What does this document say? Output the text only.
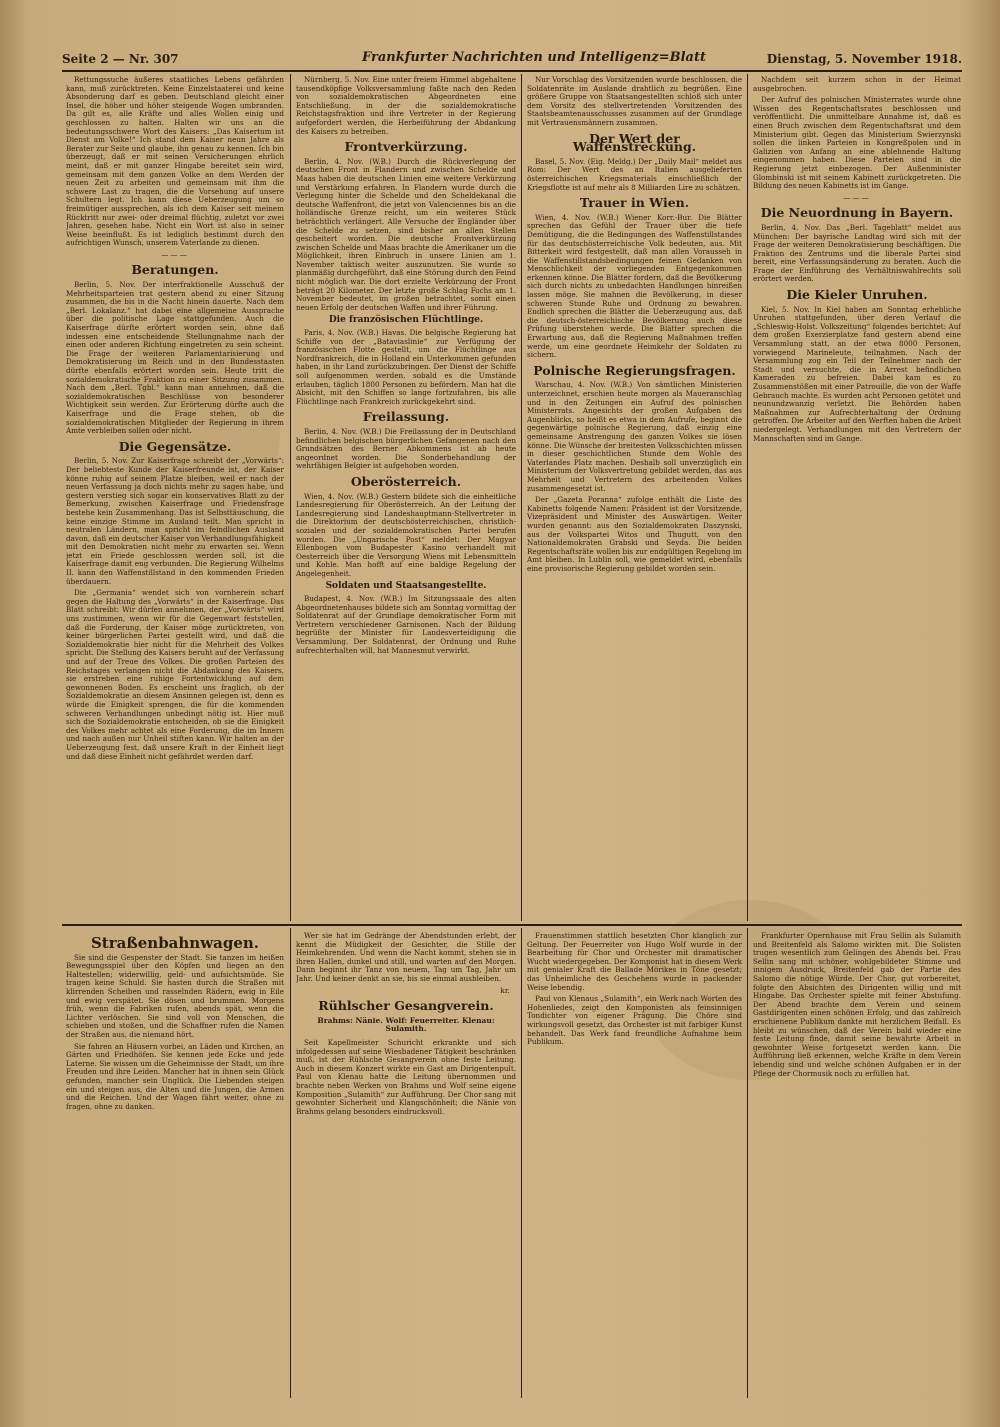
Seite 2 — Nr. 307	Frankfurter Nachrichten und Intelligenz=Blatt	Dienstag, 5. November 1918.

Rettungssuche äußeres staatliches Lebens gefährden kann, muß zurücktreten. Keine Einzelstaaterei und keine Absonderung darf es geben. Deutschland gleicht einer Insel, die höher und höher steigende Wogen umbranden. Da gilt es, alle Kräfte und alles Wollen einig und geschlossen zu halten. Halten wir uns an die bedeutungsschwere Wort des Kaisers: „Das Kaisertum ist Dienst am Volke!“ Ich stand dem Kaiser neun Jahre als Berater zur Seite und glaube, ihn genau zu kennen. Ich bin überzeugt, daß er mit seinen Versicherungen ehrlich meint, daß er mit ganzer Hingabe bereitet sein wird, gemeinsam mit dem ganzen Volke an dem Werden der neuen Zeit zu arbeiten und gemeinsam mit ihm die schwere Last zu tragen, die die Vorsehung auf unsere Schultern legt. Ich kann diese Ueberzeugung um so freimütiger aussprechen, als ich dem Kaiser seit meinem Rücktritt nur zwei- oder dreimal flüchtig, zuletzt vor zwei Jahren, gesehen habe. Nicht ein Wort ist also in seiner Weise beeinflußt. Es ist lediglich bestimmt durch den aufrichtigen Wunsch, unserem Vaterlande zu dienen.

———
Beratungen.

Berlin, 5. Nov. Der interfraktionelle Ausschuß der Mehrheitsparteien trat gestern abend zu einer Sitzung zusammen, die bis in die Nacht hinein dauerte. Nach dem „Berl. Lokalanz.“ hat dabei eine allgemeine Aussprache über die politische Lage stattgefunden. Auch die Kaiserfrage dürfte erörtert worden sein, ohne daß indessen eine entscheidende Stellungnahme nach der einen oder anderen Richtung eingetreten zu sein scheint. Die Frage der weiteren Parlamentarisierung und Demokratisierung im Reich und in den Bundesstaaten dürfte ebenfalls erörtert worden sein. Heute tritt die sozialdemokratische Fraktion zu einer Sitzung zusammen. Nach dem „Berl. Tgbl.“ kann man annehmen, daß die sozialdemokratischen Beschlüsse von besonderer Wichtigkeit sein werden. Zur Erörterung dürfte auch die Kaiserfrage und die Frage stehen, ob die sozialdemokratischen Mitglieder der Regierung in ihrem Amte verbleiben sollen oder nicht.

Die Gegensätze.

Berlin, 5. Nov. Zur Kaiserfrage schreibt der „Vorwärts“: Der beliebteste Kunde der Kaiserfreunde ist, der Kaiser könne ruhig auf seinem Platze bleiben, weil er nach der neuen Verfassung ja doch nichts mehr zu sagen habe, und gestern verstieg sich sogar ein konservatives Blatt zu der Bemerkung, zwischen Kaiserfrage und Friedensfrage bestehe kein Zusammenhang. Das ist Selbsttäuschung, die keine einzige Stimme im Ausland teilt. Man spricht in neutralen Ländern, man spricht im feindlichen Ausland davon, daß ein deutscher Kaiser von Verhandlungsfähigkeit mit den Demokratien nicht mehr zu erwarten sei. Wenn jetzt ein Friede geschlossen werden soll, ist die Kaiserfrage damit eng verbunden. Die Regierung Wilhelms II. kann den Waffenstillstand in den kommenden Frieden überdauern.

Die „Germania“ wendet sich von vornherein scharf gegen die Haltung des „Vorwärts“ in der Kaiserfrage. Das Blatt schreibt: Wir dürfen annehmen, der „Vorwärts“ wird uns zustimmen, wenn wir für die Gegenwart feststellen, daß die Forderung, der Kaiser möge zurücktreten, von keiner bürgerlichen Partei gestellt wird, und daß die Sozialdemokratie hier nicht für die Mehrheit des Volkes spricht. Die Stellung des Kaisers beruht auf der Verfassung und auf der Treue des Volkes. Die großen Parteien des Reichstages verlangen nicht die Abdankung des Kaisers, sie erstreben eine ruhige Fortentwicklung auf dem gewonnenen Boden. Es erscheint uns fraglich, ob der Sozialdemokratie an diesem Ansinnen gelegen ist, denn es würde die Einigkeit sprengen, die für die kommenden schweren Verhandlungen unbedingt nötig ist. Hier muß sich die Sozialdemokratie entscheiden, ob sie die Einigkeit des Volkes mehr achtet als eine Forderung, die im Innern und nach außen nur Unheil stiften kann. Wir halten an der Ueberzeugung fest, daß unsere Kraft in der Einheit liegt und daß diese Einheit nicht gefährdet werden darf.

Nürnberg, 5. Nov. Eine unter freiem Himmel abgehaltene tausendköpfige Volksversammlung faßte nach den Reden von sozialdemokratischen Abgeordneten eine Entschließung, in der die sozialdemokratische Reichstagsfraktion und ihre Vertreter in der Regierung aufgefordert werden, die Herbeiführung der Abdankung des Kaisers zu betreiben.

Frontverkürzung.

Berlin, 4. Nov. (W.B.) Durch die Rückverlegung der deutschen Front in Flandern und zwischen Schelde und Maas haben die deutschen Linien eine weitere Verkürzung und Verstärkung erfahren. In Flandern wurde durch die Verlegung hinter die Schelde und den Scheldekanal die deutsche Waffenfront, die jetzt von Valenciennes bis an die holländische Grenze reicht, um ein weiteres Stück beträchtlich verlängert. Alle Versuche der Engländer über die Schelde zu setzen, sind bisher an allen Stellen gescheitert worden. Die deutsche Frontverkürzung zwischen Schelde und Maas brachte die Amerikaner um die Möglichkeit, ihren Einbruch in unsere Linien am 1. November taktisch weiter auszunutzen. Sie wurde so planmäßig durchgeführt, daß eine Störung durch den Feind nicht möglich war. Die dort erzielte Verkürzung der Front beträgt 20 Kilometer. Der letzte große Schlag Fochs am 1. November bedeutet, im großen betrachtet, somit einen neuen Erfolg der deutschen Waffen und ihrer Führung.

Die französischen Flüchtlinge.

Paris, 4. Nov. (W.B.) Havas. Die belgische Regierung hat Schiffe von der „Bataviaslinie“ zur Verfügung der französischen Flotte gestellt, um die Flüchtlinge aus Nordfrankreich, die in Holland ein Unterkommen gefunden haben, in ihr Land zurückzubringen. Der Dienst der Schiffe soll aufgenommen werden, sobald es die Umstände erlauben, täglich 1800 Personen zu befördern. Man hat die Absicht, mit den Schiffen so lange fortzufahren, bis alle Flüchtlinge nach Frankreich zurückgekehrt sind.

Freilassung.

Berlin, 4. Nov. (W.B.) Die Freilassung der in Deutschland befindlichen belgischen bürgerlichen Gefangenen nach den Grundsätzen des Berner Abkommens ist ab heute angeordnet worden. Die Sonderbehandlung der wehrfähigen Belgier ist aufgehoben worden.

Oberösterreich.

Wien, 4. Nov. (W.B.) Gestern bildete sich die einheitliche Landesregierung für Oberösterreich. An der Leitung der Landesregierung sind Landeshauptmann-Stellvertreter in die Direktorium der deutschösterreichischen, christlich-sozialen und der sozialdemokratischen Partei berufen worden. Die „Ungarische Post“ meldet: Der Magyar Ellenbogen vom Budapester Kasino verhandelt mit Oesterreich über die Versorgung Wiens mit Lebensmitteln und Kohle. Man hofft auf eine baldige Regelung der Angelegenheit.

Soldaten und Staatsangestellte.

Budapest, 4. Nov. (W.B.) Im Sitzungssaale des alten Abgeordnetenhauses bildete sich am Sonntag vormittag der Soldatenrat auf der Grundlage demokratischer Form mit Vertretern verschiedener Garnisonen. Nach der Bildung begrüßte der Minister für Landesverteidigung die Versammlung. Der Soldatenrat, der Ordnung und Ruhe aufrechterhalten will, hat Mannesmut verwirkt.

Nur Vorschlag des Vorsitzenden wurde beschlossen, die Soldatenräte im Auslande drahtlich zu begrüßen. Eine größere Gruppe von Staatsangestellten schloß sich unter dem Vorsitz des stellvertretenden Vorsitzenden des Staatsbeamtenausschusses zusammen auf der Grundlage mit Vertrauensmännern zusammen.

Der Wert der Waffenstreckung.

Basel, 5. Nov. (Eig. Meldg.) Der „Daily Mail“ meldet aus Rom: Der Wert des an Italien ausgelieferten österreichischen Kriegsmaterials einschließlich der Kriegsflotte ist auf mehr als 8 Milliarden Lire zu schätzen.

Trauer in Wien.

Wien, 4. Nov. (W.B.) Wiener Korr.-Bur. Die Blätter sprechen das Gefühl der Trauer über die tiefe Demütigung, die die Bedingungen des Waffenstillstandes für das deutschösterreichische Volk bedeuten, aus. Mit Bitterkeit wird festgestellt, daß man allen Vorausseh in die Waffenstillstandsbedingungen feinen Gedanken von Menschlichkeit der vorliegenden Entgegenkommen erkennen könne. Die Blätter fordern, daß die Bevölkerung sich durch nichts zu unbedachten Handlungen hinreißen lassen möge. Sie mahnen die Bevölkerung, in dieser schweren Stunde Ruhe und Ordnung zu bewahren. Endlich sprechen die Blätter die Ueberzeugung aus, daß die deutsch-österreichische Bevölkerung auch diese Prüfung überstehen werde. Die Blätter sprechen die Erwartung aus, daß die Regierung Maßnahmen treffen werde, um eine geordnete Heimkehr der Soldaten zu sichern.

Polnische Regierungsfragen.

Warschau, 4. Nov. (W.B.) Von sämtlichen Ministerien unterzeichnet, erschien heute morgen als Maueranschlag und in den Zeitungen ein Aufruf des polnischen Ministerrats. Angesichts der großen Aufgaben des Augenblicks, so heißt es etwa in dem Aufrufe, beginnt die gegenwärtige polnische Regierung, daß einzig eine gemeinsame Anstrengung des ganzen Volkes sie lösen könne. Die Wünsche der breitesten Volksschichten müssen in dieser geschichtlichen Stunde dem Wohle des Vaterlandes Platz machen. Deshalb soll unverzüglich ein Ministerium der Volksvertretung gebildet werden, das aus Mehrheit und Vertretern des arbeitenden Volkes zusammengesetzt ist.

Der „Gazeta Poranna“ zufolge enthält die Liste des Kabinetts folgende Namen: Präsident ist der Vorsitzende, Vizepräsident und Minister des Auswärtigen. Weiter wurden genannt: aus den Sozialdemokraten Daszynski, aus der Volkspartei Witos und Thugutt, von den Nationaldemokraten Grabski und Seyda. Die beiden Regentschaftsräte wollen bis zur endgültigen Regelung im Amt bleiben. In Lublin soll, wie gemeldet wird, ebenfalls eine provisorische Regierung gebildet worden sein.

Nachdem seit kurzem schon in der Heimat ausgebrochen.

Der Aufruf des polnischen Ministerrates wurde ohne Wissen des Regentschaftsrates beschlossen und veröffentlicht. Die unmittelbare Annahme ist, daß es einen Bruch zwischen dem Regentschaftsrat und dem Ministerium gibt. Gegen das Ministerium Swierzynski sollen die linken Parteien in Kongreßpolen und in Galizien von Anfang an eine ablehnende Haltung eingenommen haben. Diese Parteien sind in die Regierung jetzt einbezogen. Der Außenminister Glombinski ist mit seinem Kabinett zurückgetreten. Die Bildung des neuen Kabinetts ist im Gange.

———
Die Neuordnung in Bayern.

Berlin, 4. Nov. Das „Berl. Tageblatt“ meldet aus München: Der bayrische Landtag wird sich mit der Frage der weiteren Demokratisierung beschäftigen. Die Fraktion des Zentrums und die liberale Partei sind bereit, eine Verfassungsänderung zu beraten. Auch die Frage der Einführung des Verhältniswahlrechts soll erörtert werden.

Die Kieler Unruhen.

Kiel, 5. Nov. In Kiel haben am Sonntag erhebliche Unruhen stattgefunden, über deren Verlauf die „Schleswig-Holst. Volkszeitung“ folgendes berichtet: Auf dem großen Exerzierplatze fand gestern abend eine Versammlung statt, an der etwa 8000 Personen, vorwiegend Marineleute, teilnahmen. Nach der Versammlung zog ein Teil der Teilnehmer nach der Stadt und versuchte, die in Arrest befindlichen Kameraden zu befreien. Dabei kam es zu Zusammenstößen mit einer Patrouille, die von der Waffe Gebrauch machte. Es wurden acht Personen getötet und neunundzwanzig verletzt. Die Behörden haben Maßnahmen zur Aufrechterhaltung der Ordnung getroffen. Die Arbeiter auf den Werften haben die Arbeit niedergelegt. Verhandlungen mit den Vertretern der Mannschaften sind im Gange.

Straßenbahnwagen.

Sie sind die Gespenster der Stadt. Sie tanzen im heißen Bewegungsspiel über den Köpfen und liegen an den Haltestellen; widerwillig, geld- und aufsichtsmüde. Sie tragen keine Schuld. Sie hasten durch die Straßen mit klirrenden Scheiben und rasselnden Rädern, ewig in Eile und ewig verspätet. Sie dösen und brummen. Morgens früh, wenn die Fabriken rufen, abends spät, wenn die Lichter verlöschen. Sie sind voll von Menschen, die schieben und stoßen, und die Schaffner rufen die Namen der Straßen aus, die niemand hört.

Sie fahren an Häusern vorbei, an Läden und Kirchen, an Gärten und Friedhöfen. Sie kennen jede Ecke und jede Laterne. Sie wissen um die Geheimnisse der Stadt, um ihre Freuden und ihre Leiden. Mancher hat in ihnen sein Glück gefunden, mancher sein Unglück. Die Liebenden steigen ein und steigen aus, die Alten und die Jungen, die Armen und die Reichen. Und der Wagen fährt weiter, ohne zu fragen, ohne zu danken.

Wer sie hat im Gedränge der Abendstunden erlebt, der kennt die Müdigkeit der Gesichter, die Stille der Heimkehrenden. Und wenn die Nacht kommt, stehen sie in ihren Hallen, dunkel und still, und warten auf den Morgen. Dann beginnt ihr Tanz von neuem, Tag um Tag, Jahr um Jahr. Und keiner denkt an sie, bis sie einmal ausbleiben.

kr.
Rühlscher Gesangverein.
Brahms: Nänie. Wolf: Feuerreiter. Klenau: Sulamith.

Seit Kapellmeister Schuricht erkrankte und sich infolgedessen auf seine Wiesbadener Tätigkeit beschränken muß, ist der Rühlsche Gesangverein ohne feste Leitung. Auch in diesem Konzert wirkte ein Gast am Dirigentenpult. Paul von Klenau hatte die Leitung übernommen und brachte neben Werken von Brahms und Wolf seine eigene Komposition „Sulamith“ zur Aufführung. Der Chor sang mit gewohnter Sicherheit und Klangschönheit; die Nänie von Brahms gelang besonders eindrucksvoll.

Frauenstimmen stattlich besetzten Chor klanglich zur Geltung. Der Feuerreiter von Hugo Wolf wurde in der Bearbeitung für Chor und Orchester mit dramatischer Wucht wiedergegeben. Der Komponist hat in diesem Werk mit genialer Kraft die Ballade Mörikes in Töne gesetzt; das Unheimliche des Geschehens wurde in packender Weise lebendig.

Paul von Klenaus „Sulamith“, ein Werk nach Worten des Hohenliedes, zeigt den Komponisten als feinsinnigen Tondichter von eigener Prägung. Die Chöre sind wirkungsvoll gesetzt, das Orchester ist mit farbiger Kunst behandelt. Das Werk fand freundliche Aufnahme beim Publikum.

Frankfurter Opernhause mit Frau Sellin als Sulamith und Breitenfeld als Salomo wirkten mit. Die Solisten trugen wesentlich zum Gelingen des Abends bei. Frau Sellin sang mit schöner, wohlgebildeter Stimme und innigem Ausdruck, Breitenfeld gab der Partie des Salomo die nötige Würde. Der Chor, gut vorbereitet, folgte den Absichten des Dirigenten willig und mit Hingabe. Das Orchester spielte mit feiner Abstufung. Der Abend brachte dem Verein und seinem Gastdirigenten einen schönen Erfolg, und das zahlreich erschienene Publikum dankte mit herzlichem Beifall. Es bleibt zu wünschen, daß der Verein bald wieder eine feste Leitung finde, damit seine bewährte Arbeit in gewohnter Weise fortgesetzt werden kann. Die Aufführung ließ erkennen, welche Kräfte in dem Verein lebendig sind und welche schönen Aufgaben er in der Pflege der Chormusik noch zu erfüllen hat.
